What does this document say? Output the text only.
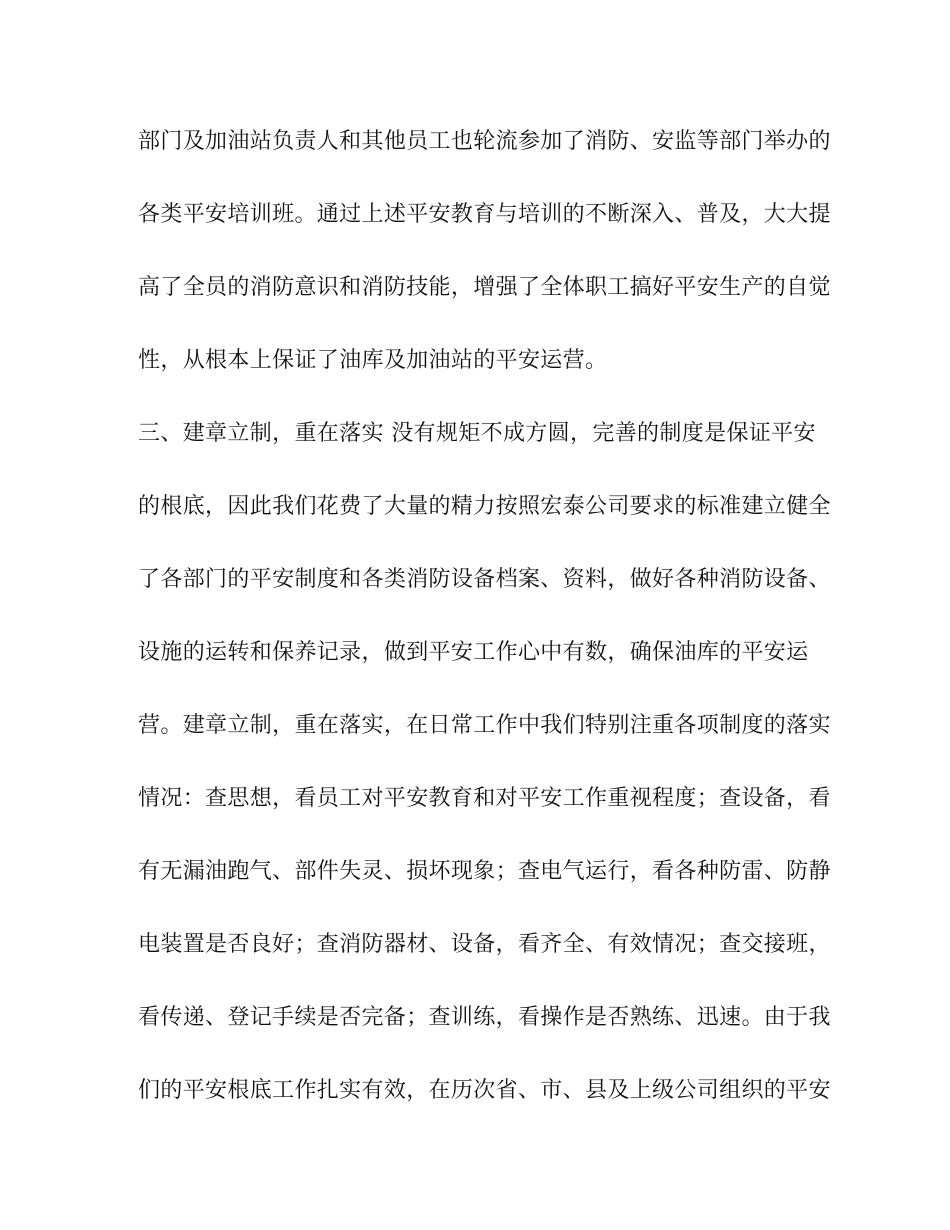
部门及加油站负责人和其他员工也轮流参加了消防、安监等部门举办的
各类平安培训班。通过上述平安教育与培训的不断深入、普及，大大提
高了全员的消防意识和消防技能，增强了全体职工搞好平安生产的自觉
性，从根本上保证了油库及加油站的平安运营。
三、建章立制，重在落实 没有规矩不成方圆，完善的制度是保证平安
的根底，因此我们花费了大量的精力按照宏泰公司要求的标准建立健全
了各部门的平安制度和各类消防设备档案、资料，做好各种消防设备、
设施的运转和保养记录，做到平安工作心中有数，确保油库的平安运
营。建章立制，重在落实，在日常工作中我们特别注重各项制度的落实
情况：查思想，看员工对平安教育和对平安工作重视程度；查设备，看
有无漏油跑气、部件失灵、损坏现象；查电气运行，看各种防雷、防静
电装置是否良好；查消防器材、设备，看齐全、有效情况；查交接班，
看传递、登记手续是否完备；查训练，看操作是否熟练、迅速。由于我
们的平安根底工作扎实有效，在历次省、市、县及上级公司组织的平安
